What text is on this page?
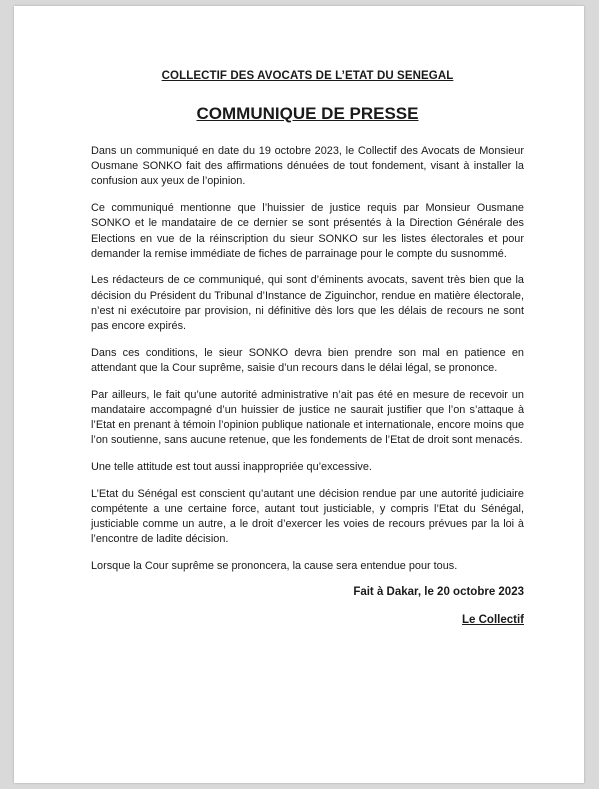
COLLECTIF DES AVOCATS DE L’ETAT DU SENEGAL
COMMUNIQUE DE PRESSE

Dans un communiqué en date du 19 octobre 2023, le Collectif des Avocats de Monsieur Ousmane SONKO fait des affirmations dénuées de tout fondement, visant à installer la confusion aux yeux de l’opinion.

Ce communiqué mentionne que l’huissier de justice requis par Monsieur Ousmane SONKO et le mandataire de ce dernier se sont présentés à la Direction Générale des Elections en vue de la réinscription du sieur SONKO sur les listes électorales et pour demander la remise immédiate de fiches de parrainage pour le compte du susnommé.

Les rédacteurs de ce communiqué, qui sont d’éminents avocats, savent très bien que la décision du Président du Tribunal d’Instance de Ziguinchor, rendue en matière électorale, n’est ni exécutoire par provision, ni définitive dès lors que les délais de recours ne sont pas encore expirés.

Dans ces conditions, le sieur SONKO devra bien prendre son mal en patience en attendant que la Cour suprême, saisie d’un recours dans le délai légal, se prononce.

Par ailleurs, le fait qu’une autorité administrative n’ait pas été en mesure de recevoir un mandataire accompagné d’un huissier de justice ne saurait justifier que l’on s’attaque à l’Etat en prenant à témoin l’opinion publique nationale et internationale, encore moins que l’on soutienne, sans aucune retenue, que les fondements de l’Etat de droit sont menacés.

Une telle attitude est tout aussi inappropriée qu’excessive.

L’Etat du Sénégal est conscient qu’autant une décision rendue par une autorité judiciaire compétente a une certaine force, autant tout justiciable, y compris l’Etat du Sénégal, justiciable comme un autre, a le droit d’exercer les voies de recours prévues par la loi à l’encontre de ladite décision.

Lorsque la Cour suprême se prononcera, la cause sera entendue pour tous.

Fait à Dakar, le 20 octobre 2023
Le Collectif
